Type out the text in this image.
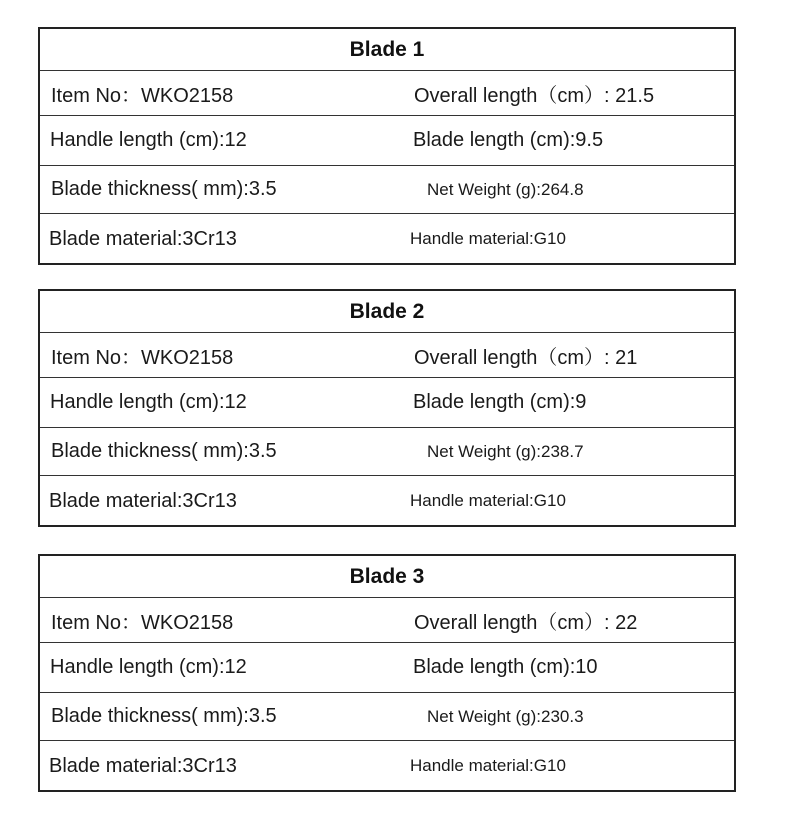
Blade 1
Item No：WKO2158	Overall length（cm）: 21.5
Handle length (cm):12	Blade length (cm):9.5
Blade thickness( mm):3.5	Net Weight (g):264.8
Blade material:3Cr13	Handle material:G10
Blade 2
Item No：WKO2158	Overall length（cm）: 21
Handle length (cm):12	Blade length (cm):9
Blade thickness( mm):3.5	Net Weight (g):238.7
Blade material:3Cr13	Handle material:G10
Blade 3
Item No：WKO2158	Overall length（cm）: 22
Handle length (cm):12	Blade length (cm):10
Blade thickness( mm):3.5	Net Weight (g):230.3
Blade material:3Cr13	Handle material:G10
